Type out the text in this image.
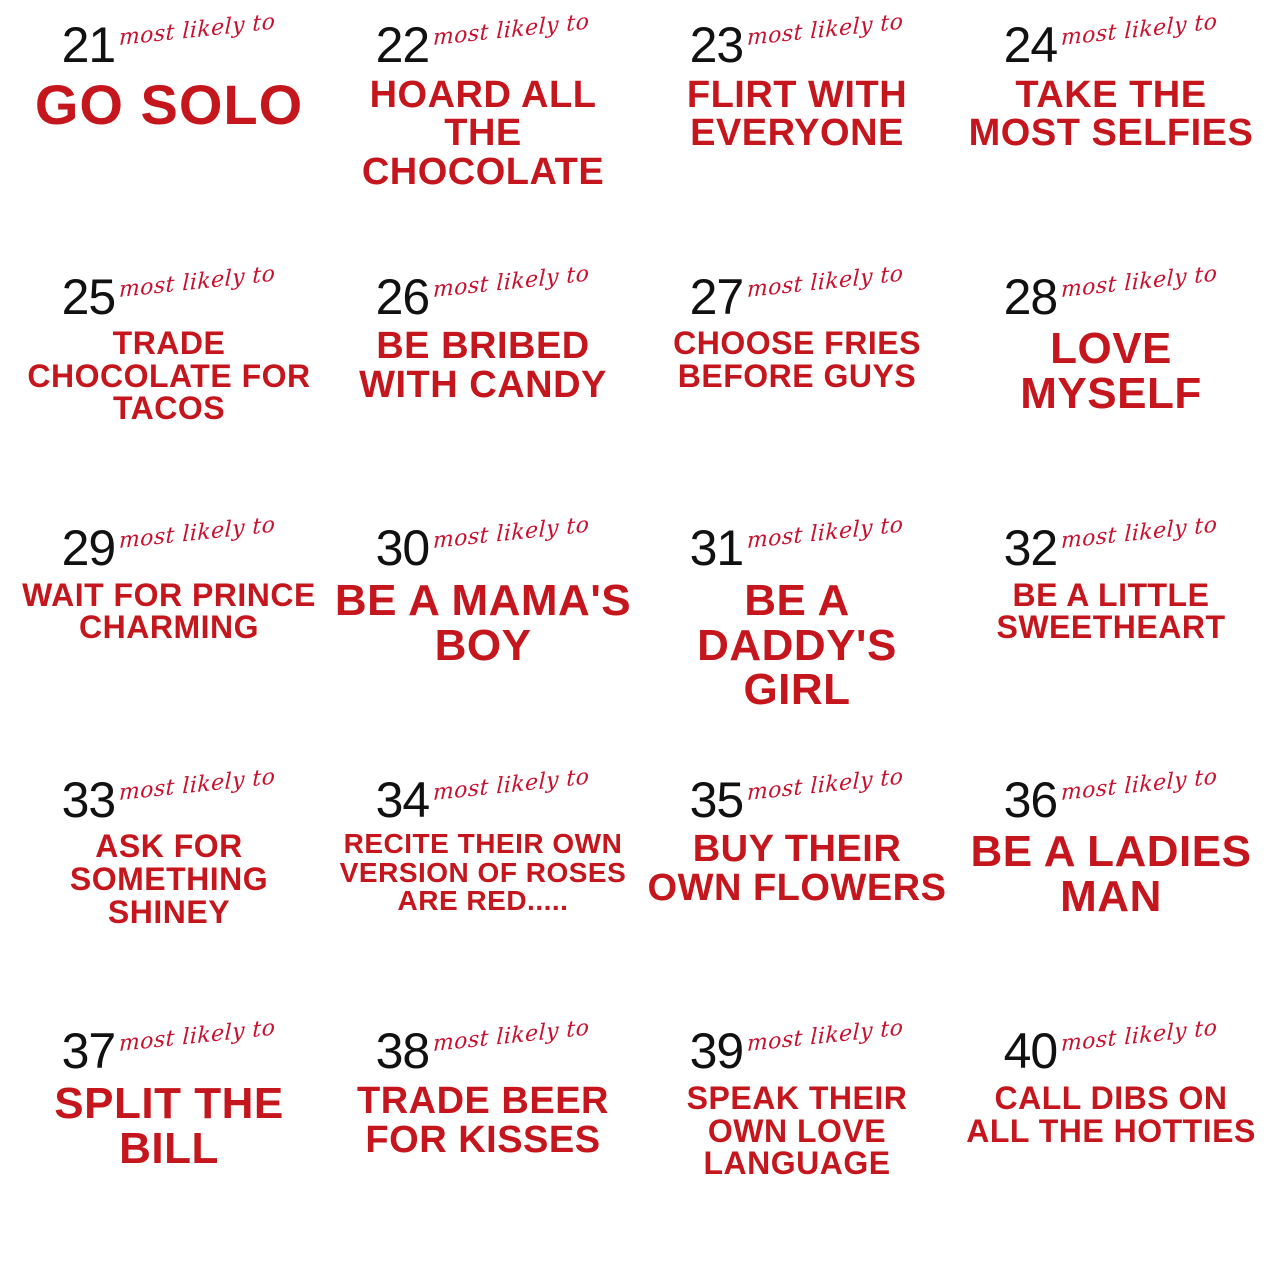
21 most likely to
GO SOLO
22 most likely to
HOARD ALL THE CHOCOLATE
23 most likely to
FLIRT WITH EVERYONE
24 most likely to
TAKE THE MOST SELFIES
25 most likely to
TRADE CHOCOLATE FOR TACOS
26 most likely to
BE BRIBED WITH CANDY
27 most likely to
CHOOSE FRIES BEFORE GUYS
28 most likely to
LOVE MYSELF
29 most likely to
WAIT FOR PRINCE CHARMING
30 most likely to
BE A MAMA'S BOY
31 most likely to
BE A DADDY'S GIRL
32 most likely to
BE A LITTLE SWEETHEART
33 most likely to
ASK FOR SOMETHING SHINEY
34 most likely to
RECITE THEIR OWN VERSION OF ROSES ARE RED.....
35 most likely to
BUY THEIR OWN FLOWERS
36 most likely to
BE A LADIES MAN
37 most likely to
SPLIT THE BILL
38 most likely to
TRADE BEER FOR KISSES
39 most likely to
SPEAK THEIR OWN LOVE LANGUAGE
40 most likely to
CALL DIBS ON ALL THE HOTTIES
